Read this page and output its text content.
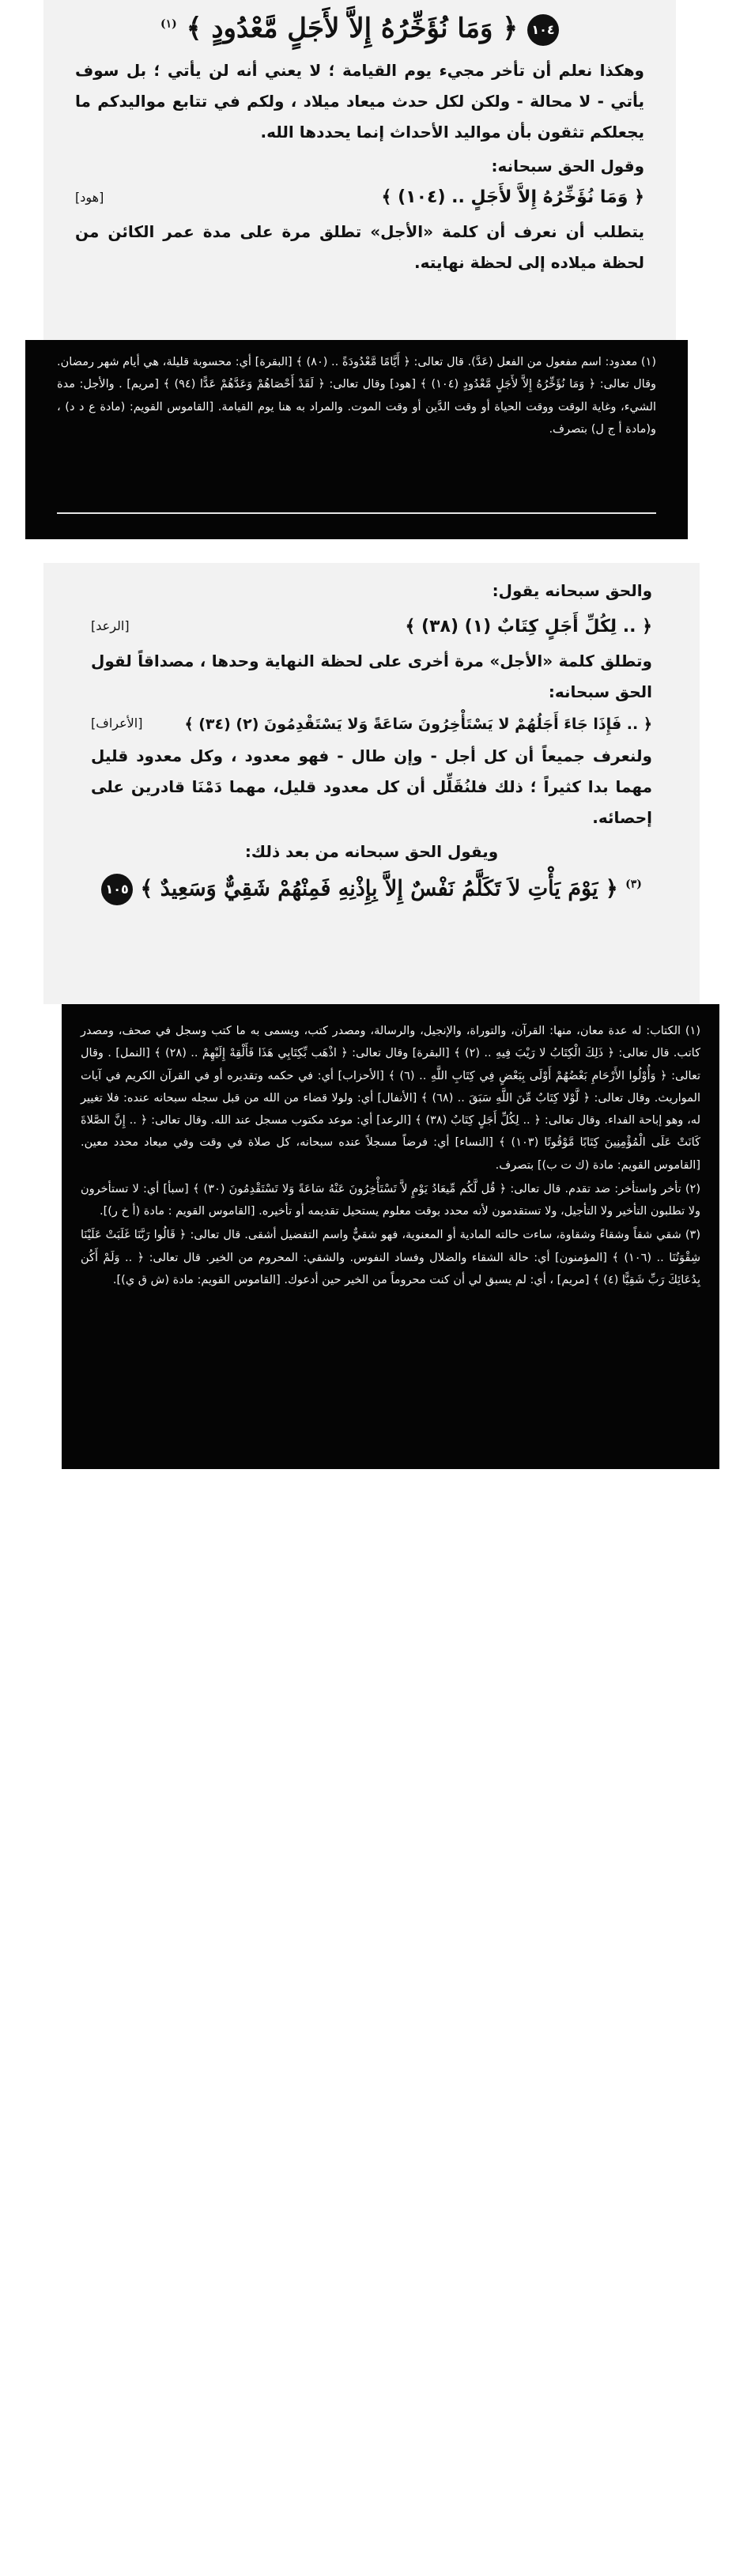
١٠٤ ﴿ وَمَا نُؤَخِّرُهُ إِلاَّ لأَجَلٍ مَّعْدُودٍ ﴾ $^{(١)}$

وهكذا نعلم أن تأخر مجيء يوم القيامة ؛ لا يعني أنه لن يأتي ؛ بل سوف يأتي - لا محالة - ولكن لكل حدث ميعاد ميلاد ، ولكم في تتابع مواليدكم ما يجعلكم تثقون بأن مواليد الأحداث إنما يحددها الله.

وقول الحق سبحانه:

﴿ وَمَا نُؤَخِّرُهُ إِلاَّ لأَجَلٍ .. (١٠٤) ﴾
[هود]

يتطلب أن نعرف أن كلمة «الأجل» تطلق مرة على مدة عمر الكائن من لحظة ميلاده إلى لحظة نهايته.

(١) معدود: اسم مفعول من الفعل (عَدَّ). قال تعالى: ﴿ أَيَّامًا مَّعْدُودَةً .. (٨٠) ﴾ [البقرة] أي: محسوبة قليلة، هي أيام شهر رمضان. وقال تعالى: ﴿ وَمَا نُؤَخِّرُهُ إِلاَّ لأَجَلٍ مَّعْدُودٍ (١٠٤) ﴾ [هود] وقال تعالى: ﴿ لَقَدْ أَحْصَاهُمْ وَعَدَّهُمْ عَدًّا (٩٤) ﴾ [مريم] . والأجل: مدة الشيء، وغاية الوقت ووقت الحياة أو وقت الدَّين أو وقت الموت. والمراد به هنا يوم القيامة. [القاموس القويم: (مادة ع د د) ، و(مادة أ ج ل) بتصرف.

والحق سبحانه يقول:

﴿ .. لِكُلِّ أَجَلٍ كِتَابٌ (١) (٣٨) ﴾
[الرعد]

وتطلق كلمة «الأجل» مرة أخرى على لحظة النهاية وحدها ، مصداقاً لقول الحق سبحانه:

﴿ .. فَإِذَا جَاءَ أَجَلُهُمْ لا يَسْتَأْخِرُونَ سَاعَةً وَلا يَسْتَقْدِمُونَ (٢) (٣٤) ﴾
[الأعراف]

ولنعرف جميعاً أن كل أجل - وإن طال - فهو معدود ، وكل معدود قليل مهما بدا كثيراً ؛ ذلك فلنُقَلِّل أن كل معدود قليل، مهما دَمْنَا قادرين على إحصائه.

ويقول الحق سبحانه من بعد ذلك:

$^{(٣)}$ ﴿ يَوْمَ يَأْتِ لاَ تَكَلَّمُ نَفْسٌ إِلاَّ بِإِذْنِهِ فَمِنْهُمْ شَقِيٌّ وَسَعِيدٌ ﴾ ١٠٥

(١) الكتاب: له عدة معان، منها: القرآن، والتوراة، والإنجيل، والرسالة، ومصدر كتب، ويسمى به ما كتب وسجل في صحف، ومصدر كاتب. قال تعالى: ﴿ ذَلِكَ الْكِتَابُ لا رَيْبَ فِيهِ .. (٢) ﴾ [البقرة] وقال تعالى: ﴿ اذْهَب بِّكِتَابِي هَذَا فَأَلْقِهْ إِلَيْهِمْ .. (٢٨) ﴾ [النمل] . وقال تعالى: ﴿ وَأُوْلُوا الأَرْحَامِ بَعْضُهُمْ أَوْلَى بِبَعْضٍ فِي كِتَابِ اللَّهِ .. (٦) ﴾ [الأحزاب] أي: في حكمه وتقديره أو في القرآن الكريم في آيات المواريث. وقال تعالى: ﴿ لَّوْلا كِتَابٌ مِّنَ اللَّهِ سَبَقَ .. (٦٨) ﴾ [الأنفال] أي: ولولا قضاء من الله من قبل سجله سبحانه عنده: فلا تغيير له، وهو إباحة الفداء. وقال تعالى: ﴿ .. لِكُلِّ أَجَلٍ كِتَابٌ (٣٨) ﴾ [الرعد] أي: موعد مكتوب مسجل عند الله. وقال تعالى: ﴿ .. إِنَّ الصَّلاةَ كَانَتْ عَلَى الْمُؤْمِنِينَ كِتَابًا مَّوْقُوتًا (١٠٣) ﴾ [النساء] أي: فرضاً مسجلاً عنده سبحانه، كل صلاة في وقت وفي ميعاد محدد معين. [القاموس القويم: مادة (ك ت ب)] بتصرف.

(٢) تأخر واستأخر: ضد تقدم. قال تعالى: ﴿ قُل لَّكُم مِّيعَادُ يَوْمٍ لاَّ تَسْتَأْخِرُونَ عَنْهُ سَاعَةً وَلا تَسْتَقْدِمُونَ (٣٠) ﴾ [سبأ] أي: لا تستأخرون ولا تطلبون التأخير ولا التأجيل، ولا تستقدمون لأنه محدد بوقت معلوم يستحيل تقديمه أو تأخيره. [القاموس القويم : مادة (أ خ ر)].

(٣) شقي شقاً وشقاءً وشقاوة، ساءت حالته المادية أو المعنوية، فهو شقيٌّ واسم التفضيل أشقى. قال تعالى: ﴿ قَالُوا رَبَّنَا غَلَبَتْ عَلَيْنَا شِقْوَتُنَا .. (١٠٦) ﴾ [المؤمنون] أي: حالة الشقاء والضلال وفساد النفوس. والشقي: المحروم من الخير. قال تعالى: ﴿ .. وَلَمْ أَكُن بِدُعَائِكَ رَبِّ شَقِيًّا (٤) ﴾ [مريم] ، أي: لم يسبق لي أن كنت محروماً من الخير حين أدعوك. [القاموس القويم: مادة (ش ق ي)].
